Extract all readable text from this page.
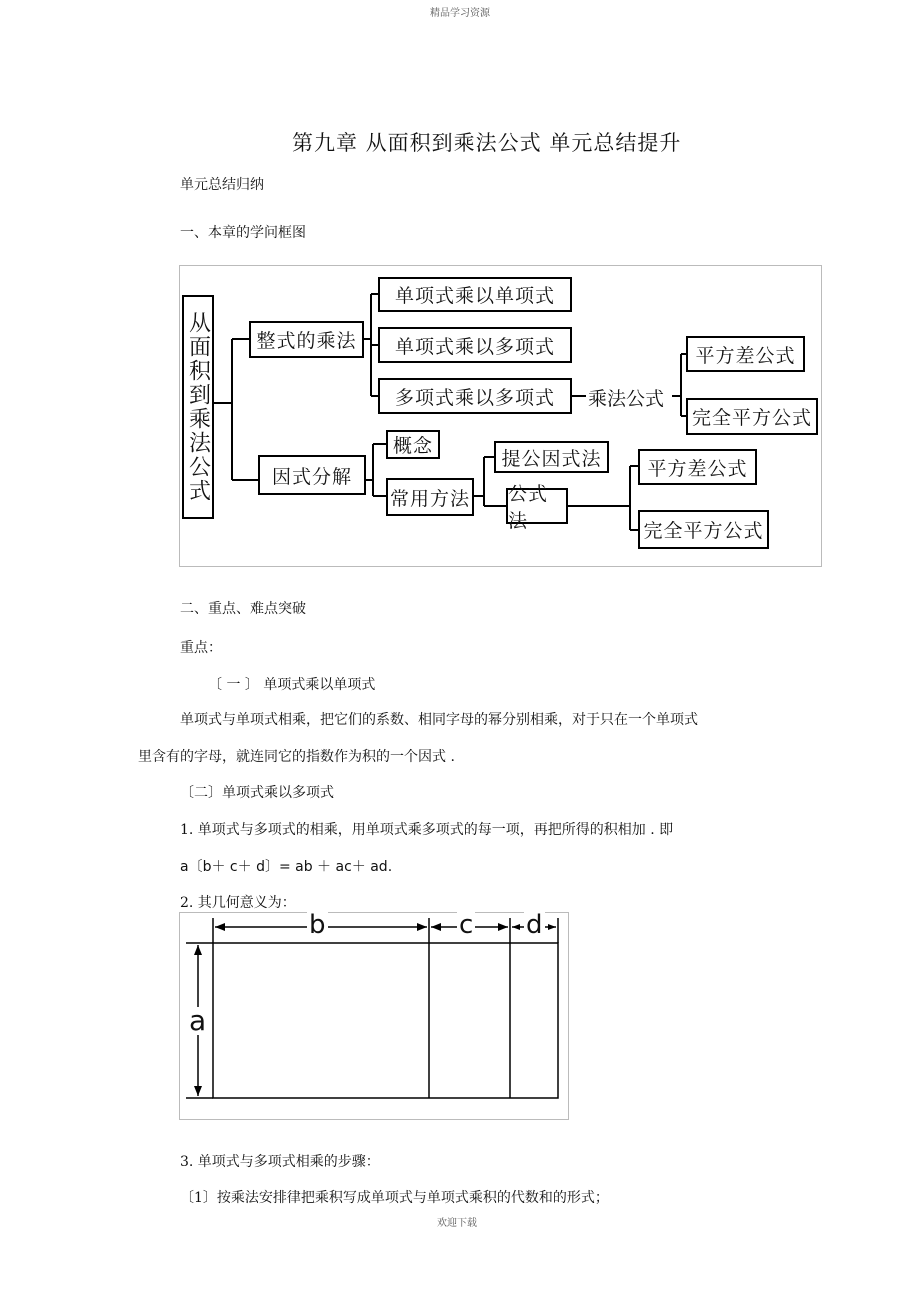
精品学习资源
第九章 从面积到乘法公式 单元总结提升
单元总结归纳
一、本章的学问框图
从面积到乘法公式	整式的乘法
单项式乘以单项式
单项式乘以多项式
多项式乘以多项式	乘法公式
平方差公式
完全平方公式
因式分解
概念
常用方法
提公因式法
公式法
平方差公式
完全平方公式
二、重点、难点突破
重点：
〔 一 〕 单项式乘以单项式
单项式与单项式相乘，把它们的系数、相同字母的幂分别相乘，对于只在一个单项式
里含有的字母，就连同它的指数作为积的一个因式 .
〔二〕单项式乘以多项式
1. 单项式与多项式的相乘，用单项式乘多项式的每一项，再把所得的积相加 . 即
a〔b＋ c＋ d〕= ab ＋ ac＋ ad.
2. 其几何意义为：
b	c d
a
3. 单项式与多项式相乘的步骤：
〔1〕按乘法安排律把乘积写成单项式与单项式乘积的代数和的形式；
欢迎下载
